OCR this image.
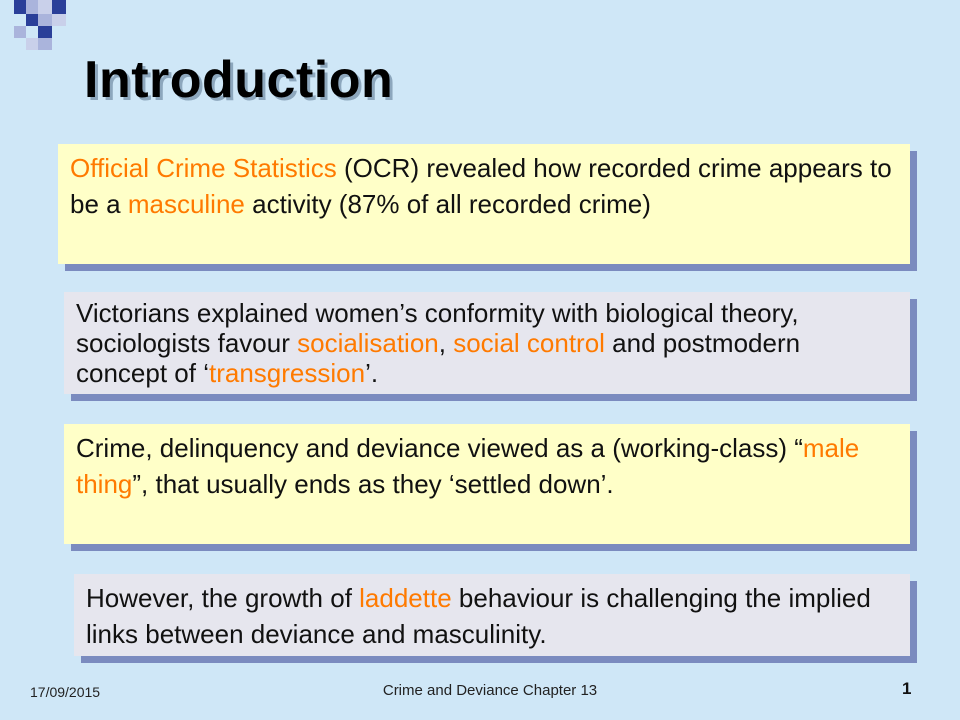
Introduction
Official Crime Statistics (OCR) revealed how recorded crime appears to be a masculine activity (87% of all recorded crime)
Victorians explained women’s conformity with biological theory, sociologists favour socialisation, social control and postmodern concept of ‘transgression’.
Crime, delinquency and deviance viewed as a (working-class) “male thing”, that usually ends as they ‘settled down’.
However, the growth of laddette behaviour is challenging the implied links between deviance and masculinity.
17/09/2015	Crime and Deviance Chapter 13	1
